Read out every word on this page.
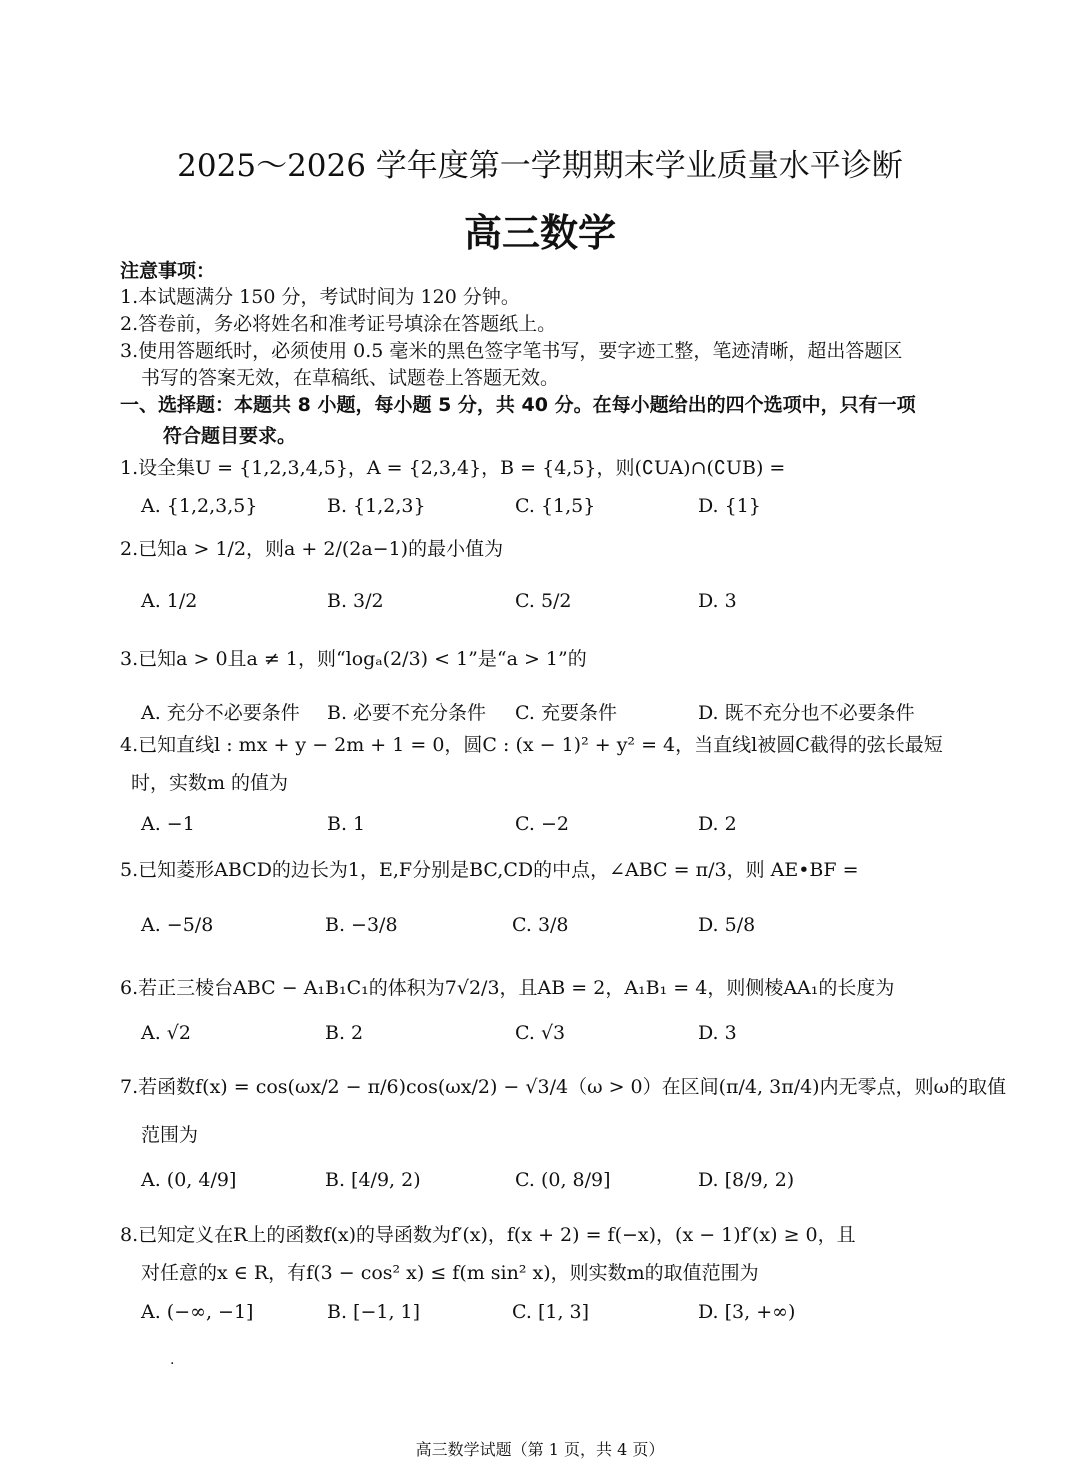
2025～2026 学年度第一学期期末学业质量水平诊断
高三数学
注意事项：
1.本试题满分 150 分，考试时间为 120 分钟。
2.答卷前，务必将姓名和准考证号填涂在答题纸上。
3.使用答题纸时，必须使用 0.5 毫米的黑色签字笔书写，要字迹工整，笔迹清晰，超出答题区
书写的答案无效，在草稿纸、试题卷上答题无效。
一、选择题：本题共 8 小题，每小题 5 分，共 40 分。在每小题给出的四个选项中，只有一项
符合题目要求。
1.设全集U = {1,2,3,4,5}，A = {2,3,4}，B = {4,5}，则(∁UA)∩(∁UB) =
A. {1,2,3,5}	B. {1,2,3}	C. {1,5}	D. {1}
2.已知a > 1/2，则a + 2/(2a−1)的最小值为
A. 1/2	B. 3/2	C. 5/2	D. 3
3.已知a > 0且a ≠ 1，则“logₐ(2/3) < 1”是“a > 1”的
A. 充分不必要条件 B. 必要不充分条件 C. 充要条件	D. 既不充分也不必要条件
4.已知直线l : mx + y − 2m + 1 = 0，圆C : (x − 1)² + y² = 4，当直线l被圆C截得的弦长最短
时，实数m 的值为
A. −1	B. 1	C. −2	D. 2
5.已知菱形ABCD的边长为1，E,F分别是BC,CD的中点，∠ABC = π/3，则 AE•BF =
A. −5/8	B. −3/8	C. 3/8	D. 5/8
6.若正三棱台ABC − A₁B₁C₁的体积为7√2/3，且AB = 2，A₁B₁ = 4，则侧棱AA₁的长度为
A. √2	B. 2	C. √3	D. 3
7.若函数f(x) = cos(ωx/2 − π/6)cos(ωx/2) − √3/4（ω > 0）在区间(π/4, 3π/4)内无零点，则ω的取值
范围为
A. (0, 4/9]	B. [4/9, 2)	C. (0, 8/9]	D. [8/9, 2)
8.已知定义在R上的函数f(x)的导函数为f′(x)，f(x + 2) = f(−x)，(x − 1)f′(x) ≥ 0，且
对任意的x ∈ R，有f(3 − cos² x) ≤ f(m sin² x)，则实数m的取值范围为
A. (−∞, −1]	B. [−1, 1]	C. [1, 3]	D. [3, +∞)
.
高三数学试题（第 1 页，共 4 页）
